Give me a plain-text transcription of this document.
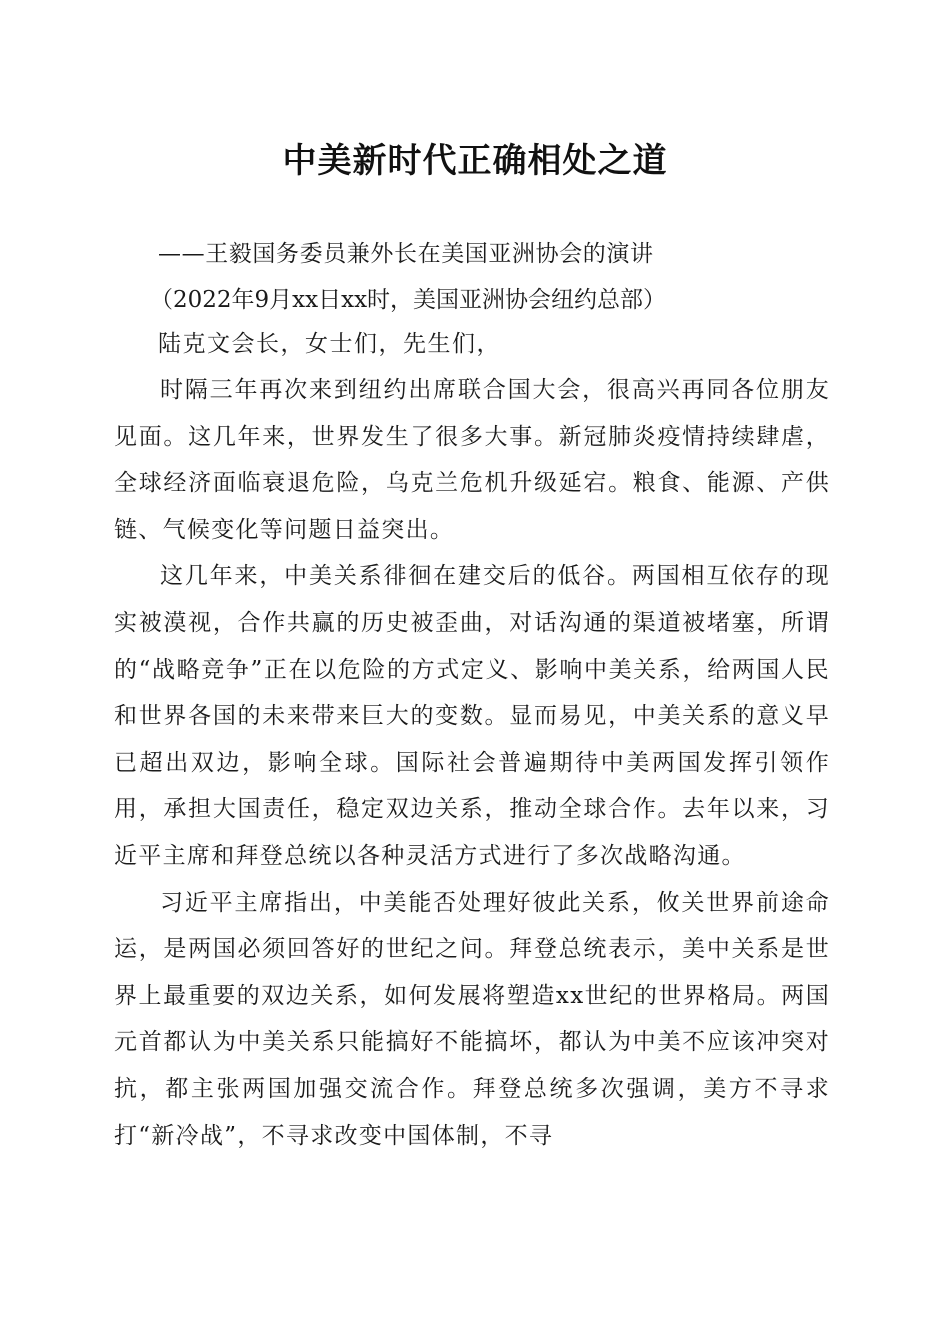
中美新时代正确相处之道
——王毅国务委员兼外长在美国亚洲协会的演讲
（2022年9月xx日xx时，美国亚洲协会纽约总部）
陆克文会长，女士们，先生们，

时隔三年再次来到纽约出席联合国大会，很高兴再同各位朋友见面。这几年来，世界发生了很多大事。新冠肺炎疫情持续肆虐，全球经济面临衰退危险，乌克兰危机升级延宕。粮食、能源、产供链、气候变化等问题日益突出。

这几年来，中美关系徘徊在建交后的低谷。两国相互依存的现实被漠视，合作共赢的历史被歪曲，对话沟通的渠道被堵塞，所谓的“战略竞争”正在以危险的方式定义、影响中美关系，给两国人民和世界各国的未来带来巨大的变数。显而易见，中美关系的意义早已超出双边，影响全球。国际社会普遍期待中美两国发挥引领作用，承担大国责任，稳定双边关系，推动全球合作。去年以来，习近平主席和拜登总统以各种灵活方式进行了多次战略沟通。

习近平主席指出，中美能否处理好彼此关系，攸关世界前途命运，是两国必须回答好的世纪之问。拜登总统表示，美中关系是世界上最重要的双边关系，如何发展将塑造xx世纪的世界格局。两国元首都认为中美关系只能搞好不能搞坏，都认为中美不应该冲突对抗，都主张两国加强交流合作。拜登总统多次强调，美方不寻求打“新冷战”，不寻求改变中国体制，不寻
